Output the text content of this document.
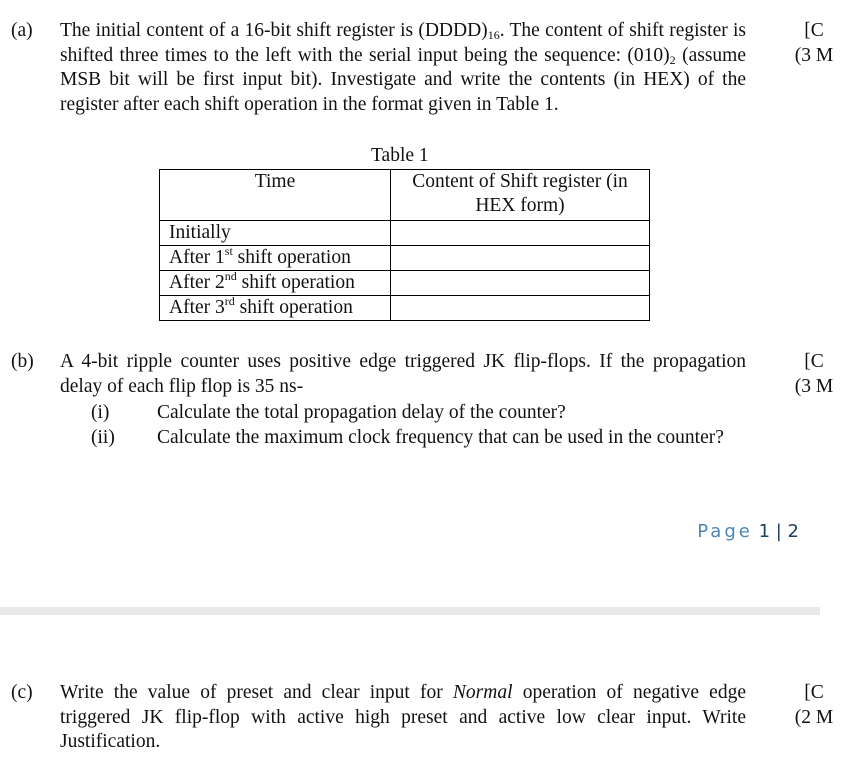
(a) The initial content of a 16-bit shift register is $(DDDD)_{16}$. The content of shift register is shifted three times to the left with the serial input being the sequence: $(010)_2$ (assume MSB bit will be first input bit). Investigate and write the contents (in HEX) of the register after each shift operation in the format given in Table 1.
[C
(3 M
Table 1
Time	Content of Shift register (in HEX form)
Initially	
After 1st shift operation	
After 2nd shift operation	
After 3rd shift operation	
(b) A 4-bit ripple counter uses positive edge triggered JK flip-flops. If the propagation delay of each flip flop is 35 ns-
[C
(3 M
(i) Calculate the total propagation delay of the counter?
(ii) Calculate the maximum clock frequency that can be used in the counter?
Page 1 | 2
(c) Write the value of preset and clear input for Normal operation of negative edge triggered JK flip-flop with active high preset and active low clear input. Write Justification.
[C
(2 M
